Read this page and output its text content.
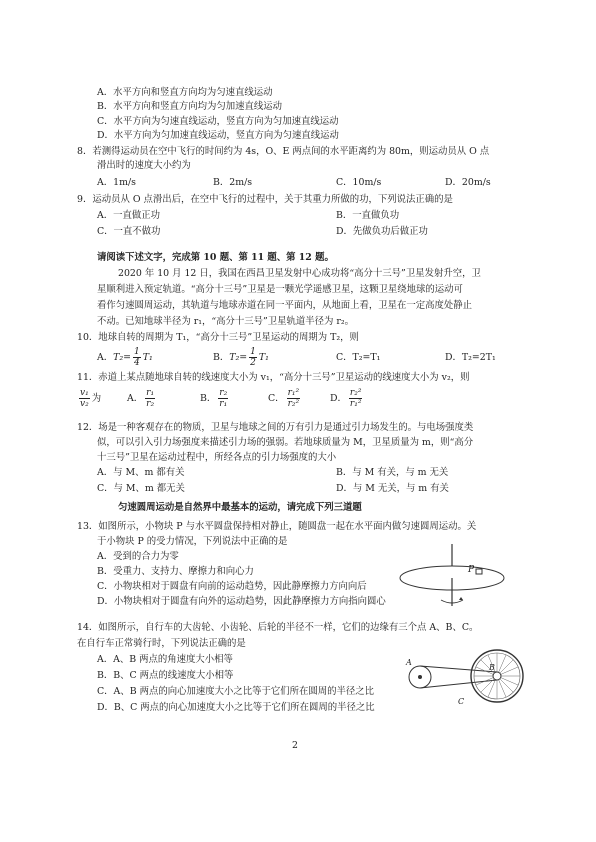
A．水平方向和竖直方向均为匀速直线运动
B．水平方向和竖直方向均为匀加速直线运动
C．水平方向为匀速直线运动，竖直方向为匀加速直线运动
D．水平方向为匀加速直线运动，竖直方向为匀速直线运动
8．若测得运动员在空中飞行的时间约为 4s，O、E 两点间的水平距离约为 80m，则运动员从 O 点
滑出时的速度大小约为
A．1m/s	B．2m/s	C．10m/s	D．20m/s
9．运动员从 O 点滑出后，在空中飞行的过程中，关于其重力所做的功，下列说法正确的是
A．一直做正功	B．一直做负功
C．一直不做功	D．先做负功后做正功
请阅读下述文字，完成第 10 题、第 11 题、第 12 题。
2020 年 10 月 12 日，我国在西昌卫星发射中心成功将“高分十三号”卫星发射升空，卫
星顺利进入预定轨道。“高分十三号”卫星是一颗光学遥感卫星，这颗卫星绕地球的运动可
看作匀速圆周运动，其轨道与地球赤道在同一平面内，从地面上看，卫星在一定高度处静止
不动。已知地球半径为 r₁，“高分十三号”卫星轨道半径为 r₂。
10．地球自转的周期为 T₁，“高分十三号”卫星运动的周期为 T₂，则
A．$T_2= \frac{1}{4} T_1$	B．$T_2= \frac{1}{2} T_1$	C．T₂=T₁	D．T₂=2T₁
11．赤道上某点随地球自转的线速度大小为 v₁，“高分十三号”卫星运动的线速度大小为 v₂，则
$\frac{\text{v₁}}{\text{v₂}}$ 为	A． $\frac{\text{r₁}}{\text{r₂}}$	B． $\frac{\text{r₂}}{\text{r₁}}$	C． $\frac{\text{r₁²}}{\text{r₂²}}$	D． $\frac{\text{r₂²}}{\text{r₁²}}$
12．场是一种客观存在的物质，卫星与地球之间的万有引力是通过引力场发生的。与电场强度类
似，可以引入引力场强度来描述引力场的强弱。若地球质量为 M，卫星质量为 m，则“高分
十三号”卫星在运动过程中，所经各点的引力场强度的大小
A．与 M、m 都有关	B．与 M 有关，与 m 无关
C．与 M、m 都无关	D．与 M 无关，与 m 有关
匀速圆周运动是自然界中最基本的运动，请完成下列三道题
13．如图所示，小物块 P 与水平圆盘保持相对静止，随圆盘一起在水平面内做匀速圆周运动。关
于小物块 P 的受力情况，下列说法中正确的是
A．受到的合力为零
B．受重力、支持力、摩擦力和向心力
C．小物块相对于圆盘有向前的运动趋势，因此静摩擦力方向向后
D．小物块相对于圆盘有向外的运动趋势，因此静摩擦力方向指向圆心
P
14．如图所示，自行车的大齿轮、小齿轮、后轮的半径不一样，它们的边缘有三个点 A、B、C。
在自行车正常骑行时，下列说法正确的是
A．A、B 两点的角速度大小相等
B．B、C 两点的线速度大小相等
C．A、B 两点的向心加速度大小之比等于它们所在圆周的半径之比
D．B、C 两点的向心加速度大小之比等于它们所在圆周的半径之比
A
B
C
2
